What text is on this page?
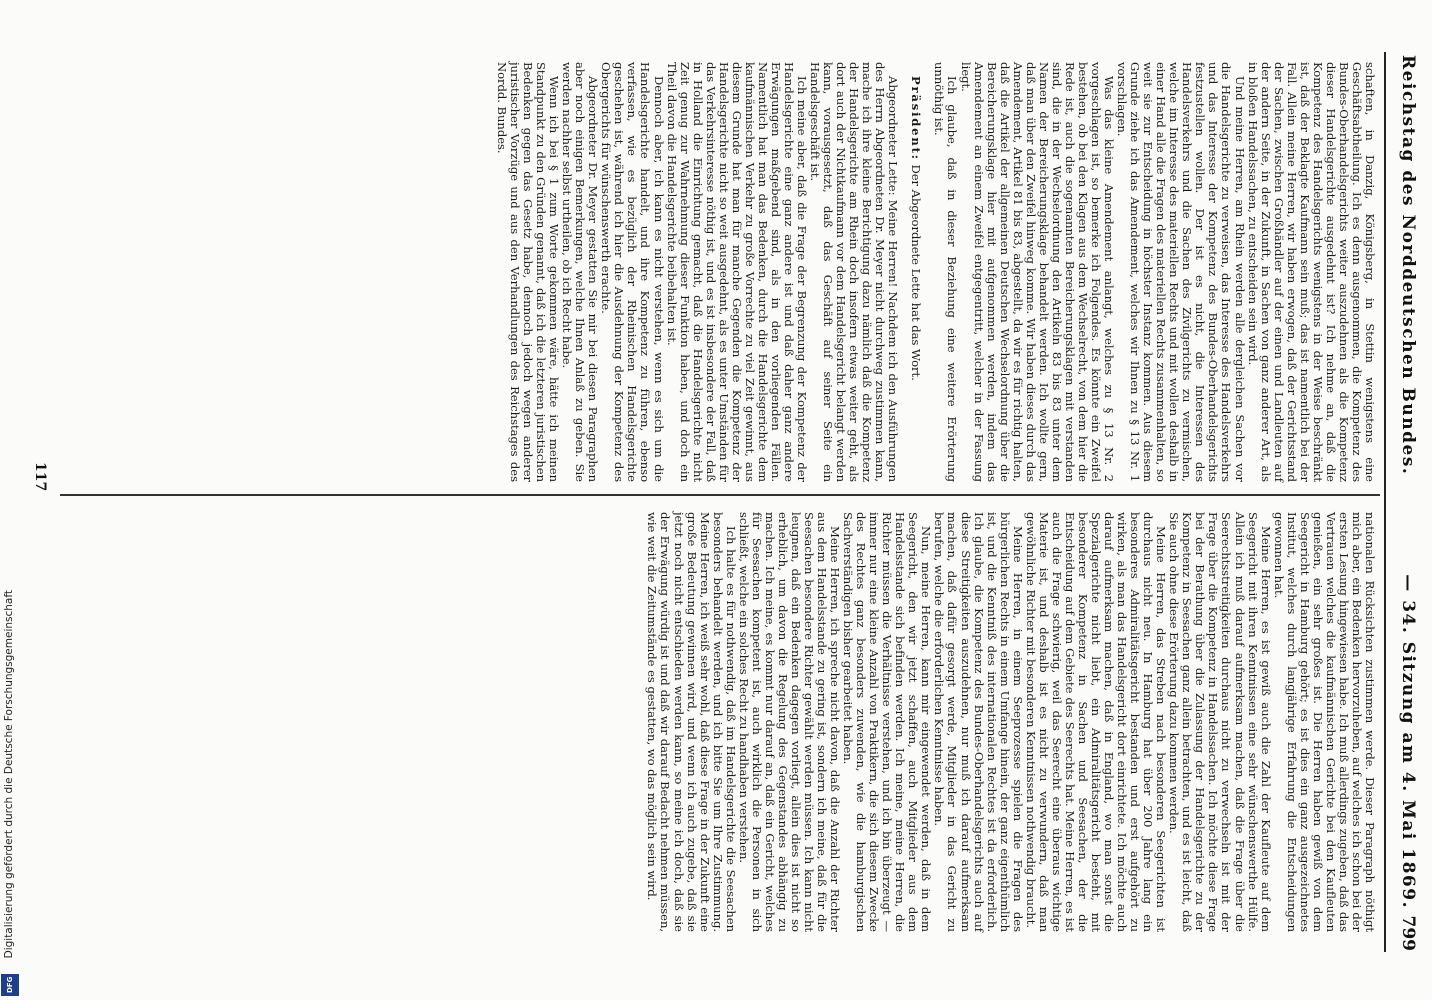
Reichstag des Norddeutschen Bundes.
— 34. Sitzung am 4. Mai 1869.
799

schaften, in Danzig, Königsberg, in Stettin wenigstens eine Geschäftsabtheilung. Ich es denn ausgenommen, die Kompetenz des Bundes-Oberhandelsgerichts weiter auszudehnen als die Kompetenz dieser Handelsgerichte ausgedehnt ist? Ich nehme an, daß die Kompetenz des Handelsgerichts wenigstens in der Weise beschränkt ist, daß der Beklagte Kaufmann sein muß; das ist namentlich bei der Fall. Allein meine Herren, wir haben erwogen, daß der Gerichtsstand der Sachen, zwischen Großhändler auf der einen und Landleuten auf der andern Seite, in der Zukunft, in Sachen von ganz anderer Art, als in bloßen Handelssachen, zu entscheiden sein wird.

Und meine Herren, am Rhein werden alle dergleichen Sachen vor die Handelsgerichte zu verweisen, das Interesse des Handelsverkehrs und das Interesse der Kompetenz des Bundes-Oberhandelsgerichts festzustellen wollen. Der ist es nicht, die Interessen des Handelsverkehrs und die Sachen des Zivilgerichts zu vermischen, welche im Interesse des materiellen Rechts und mit wollen deshalb in einer Hand alle die Fragen des materiellen Rechts zusammenhalten, so weit sie zur Entscheidung in höchster Instanz kommen. Aus diesem Grunde ziehe ich das Amendement, welches wir Ihnen zu § 13 Nr. 1 vorschlagen.

Was das kleine Amendement anlangt, welches zu § 13 Nr. 2 vorgeschlagen ist, so bemerke ich Folgendes. Es könnte ein Zweifel bestehen, ob bei den Klagen aus dem Wechselrecht, von dem hier die Rede ist, auch die sogenannten Bereicherungsklagen mit verstanden sind, die in der Wechselordnung den Artikeln 83 bis 83 unter dem Namen der Bereicherungsklage behandelt werden. Ich wollte gern, daß man über den Zweifel hinweg komme. Wir haben dieses durch das Amendement, Artikel 81 bis 83, abgestellt, da wir es für richtig halten, daß die Artikel der allgemeinen Deutschen Wechselordnung über die Bereicherungsklage hier mit aufgenommen werden, indem das Amendement an einem Zweifel entgegentritt, welcher in der Fassung liegt.

Ich glaube, daß in dieser Beziehung eine weitere Erörterung unnöthig ist.

Präsident: Der Abgeordnete Lette hat das Wort.

Abgeordneter Lette: Meine Herren! Nachdem ich den Ausführungen des Herrn Abgeordneten Dr. Meyer nicht durchweg zustimmen kann, mache ich ihre kleine Berichtigung dazu nämlich daß die Kompetenz der Handelsgerichte am Rhein doch insofern etwas weiter geht, als dort auch der Nichtkaufmann vor dem Handelsgericht belangt werden kann, vorausgesetzt, daß das Geschäft auf seiner Seite ein Handelsgeschäft ist.

Ich meine aber, daß die Frage der Begrenzung der Kompetenz der Handelsgerichte eine ganz andere ist und daß daher ganz andere Erwägungen maßgebend sind, als in den vorliegenden Fällen. Namentlich hat man das Bedenken, durch die Handelsgerichte dem kaufmännischen Verkehr zu große Vorrechte zu viel Zeit gewinnt, aus diesem Grunde hat man für manche Gegenden die Kompetenz der Handelsgerichte nicht so weit ausgedehnt, als es unter Umständen für das Verkehrsinteresse nöthig ist, und es ist insbesondere der Fall, daß in Holland die Einrichtung gemacht, daß die Handelsgerichte nicht Zeit genug zur Wahrnehmung dieser Funktion haben, und doch ein Theil davon die Handelsgerichte beibehalten ist.

Dennoch aber, ich kann es nicht verstehen, wenn es sich um die Handelsgerichte handelt, und ihre Kompetenz zu führen, ebenso verfassen, wie es bezüglich der Rheinischen Handelsgerichte geschehen ist, während ich hier die Ausdehnung der Kompetenz des Obergerichts für wünschenswerth erachte.

Abgeordneter Dr. Meyer gestatten Sie mir bei diesen Paragraphen aber noch einigen Bemerkungen, welche Ihnen Anlaß zu geben. Sie werden nachher selbst urtheilen, ob ich Recht habe.

Wenn ich bei § 1 zum Worte gekommen wäre, hätte ich meinen Standpunkt zu den Gründen genannt, daß ich die letzteren juristischen Bedenken gegen das Gesetz habe, dennoch jedoch wegen anderer juristischer Vorzüge und aus den Verhandlungen des Reichstages des Nordd. Bundes.

nationalen Rücksichten zustimmen werde. Dieser Paragraph nöthigt mich aber, ein Bedenken hervorzuheben, auf welches ich schon bei der ersten Lesung hingewiesen habe. Ich muß allerdings zugeben, daß das Vertrauen welches die kaufmännischen Gerichte bei den Kaufleuten genießen, ein sehr großes ist. Die Herren haben gewiß von dem Seegericht in Hamburg gehört; es ist dies ein ganz ausgezeichnetes Institut, welches durch langjährige Erfahrung die Entscheidungen gewonnen hat.

Meine Herren, es ist gewiß auch die Zahl der Kaufleute auf dem Seegericht mit ihren Kenntnissen eine sehr wünschenswerthe Hülfe. Allein ich muß darauf aufmerksam machen, daß die Frage über die Seerechtsstreitigkeiten durchaus nicht zu verwechseln ist mit der Frage über die Kompetenz in Handelssachen. Ich möchte diese Frage bei der Berathung über die Zulassung der Handelsgerichte zu der Kompetenz in Seesachen ganz allein betrachten, und es ist leicht, daß Sie auch ohne diese Erörterung dazu kommen werden.

Meine Herren, das Streben nach besonderen Seegerichten ist durchaus nicht neu. In Hamburg hat über 200 Jahre lang ein besonderes Admiralitätsgericht bestanden und erst aufgehört zu wirken, als man das Handelsgericht dort einrichtete. Ich möchte auch darauf aufmerksam machen, daß in England, wo man sonst die Spezialgerichte nicht liebt, ein Admiralitätsgericht besteht, mit besonderer Kompetenz in Sachen und Seesachen, der die Entscheidung auf dem Gebiete des Seerechts hat. Meine Herren, es ist auch die Frage schwierig, weil das Seerecht eine überaus wichtige Materie ist, und deshalb ist es nicht zu verwundern, daß man gewöhnliche Richter mit besonderen Kenntnissen nothwendig braucht.

Meine Herren, in einem Seeprozesse spielen die Fragen des bürgerlichen Rechts in einem Umfange hinein, der ganz eigenthümlich ist, und die Kenntniß des internationalen Rechtes ist da erforderlich. Ich glaube, die Kompetenz des Bundes-Oberhandelsgerichts auch auf diese Streitigkeiten auszudehnen, nur muß ich darauf aufmerksam machen, daß dafür gesorgt werde, Mitglieder in das Gericht zu berufen, welche die erforderlichen Kenntnisse haben.

Nun, meine Herren, kann mir eingewendet werden, daß in dem Seegericht, den wir jetzt schaffen, auch Mitglieder aus dem Handelsstande sich befinden werden. Ich meine, meine Herren, die Richter müssen die Verhältnisse verstehen, und ich bin überzeugt — immer nur eine kleine Anzahl von Praktikern, die sich diesem Zwecke des Rechtes ganz besonders zuwenden, wie die hamburgischen Sachverständigen bisher gearbeitet haben.

Meine Herren, ich spreche nicht davon, daß die Anzahl der Richter aus dem Handelsstande zu gering ist, sondern ich meine, daß für die Seesachen besondere Richter gewählt werden müssen. Ich kann nicht leugnen, daß ein Bedenken dagegen vorliegt, allein dies ist nicht so erheblich, um davon die Regelung des Gegenstandes abhängig zu machen. Ich meine, es kommt nur darauf an, daß ein Gericht, welches für Seesachen kompetent ist, auch wirklich die Personen in sich schließt, welche ein solches Recht zu handhaben verstehen.

Ich halte es für nothwendig, daß im Handelsgerichte die Seesachen besonders behandelt werden, und ich bitte Sie um Ihre Zustimmung. Meine Herren, ich weiß sehr wohl, daß diese Frage in der Zukunft eine große Bedeutung gewinnen wird, und wenn ich auch zugebe, daß sie jetzt noch nicht entschieden werden kann, so meine ich doch, daß sie der Erwägung würdig ist und daß wir darauf Bedacht nehmen müssen, wie weit die Zeitumstände es gestatten, wo das möglich sein wird.

117
Digitalisierung gefördert durch die Deutsche Forschungsgemeinschaft
DFG
